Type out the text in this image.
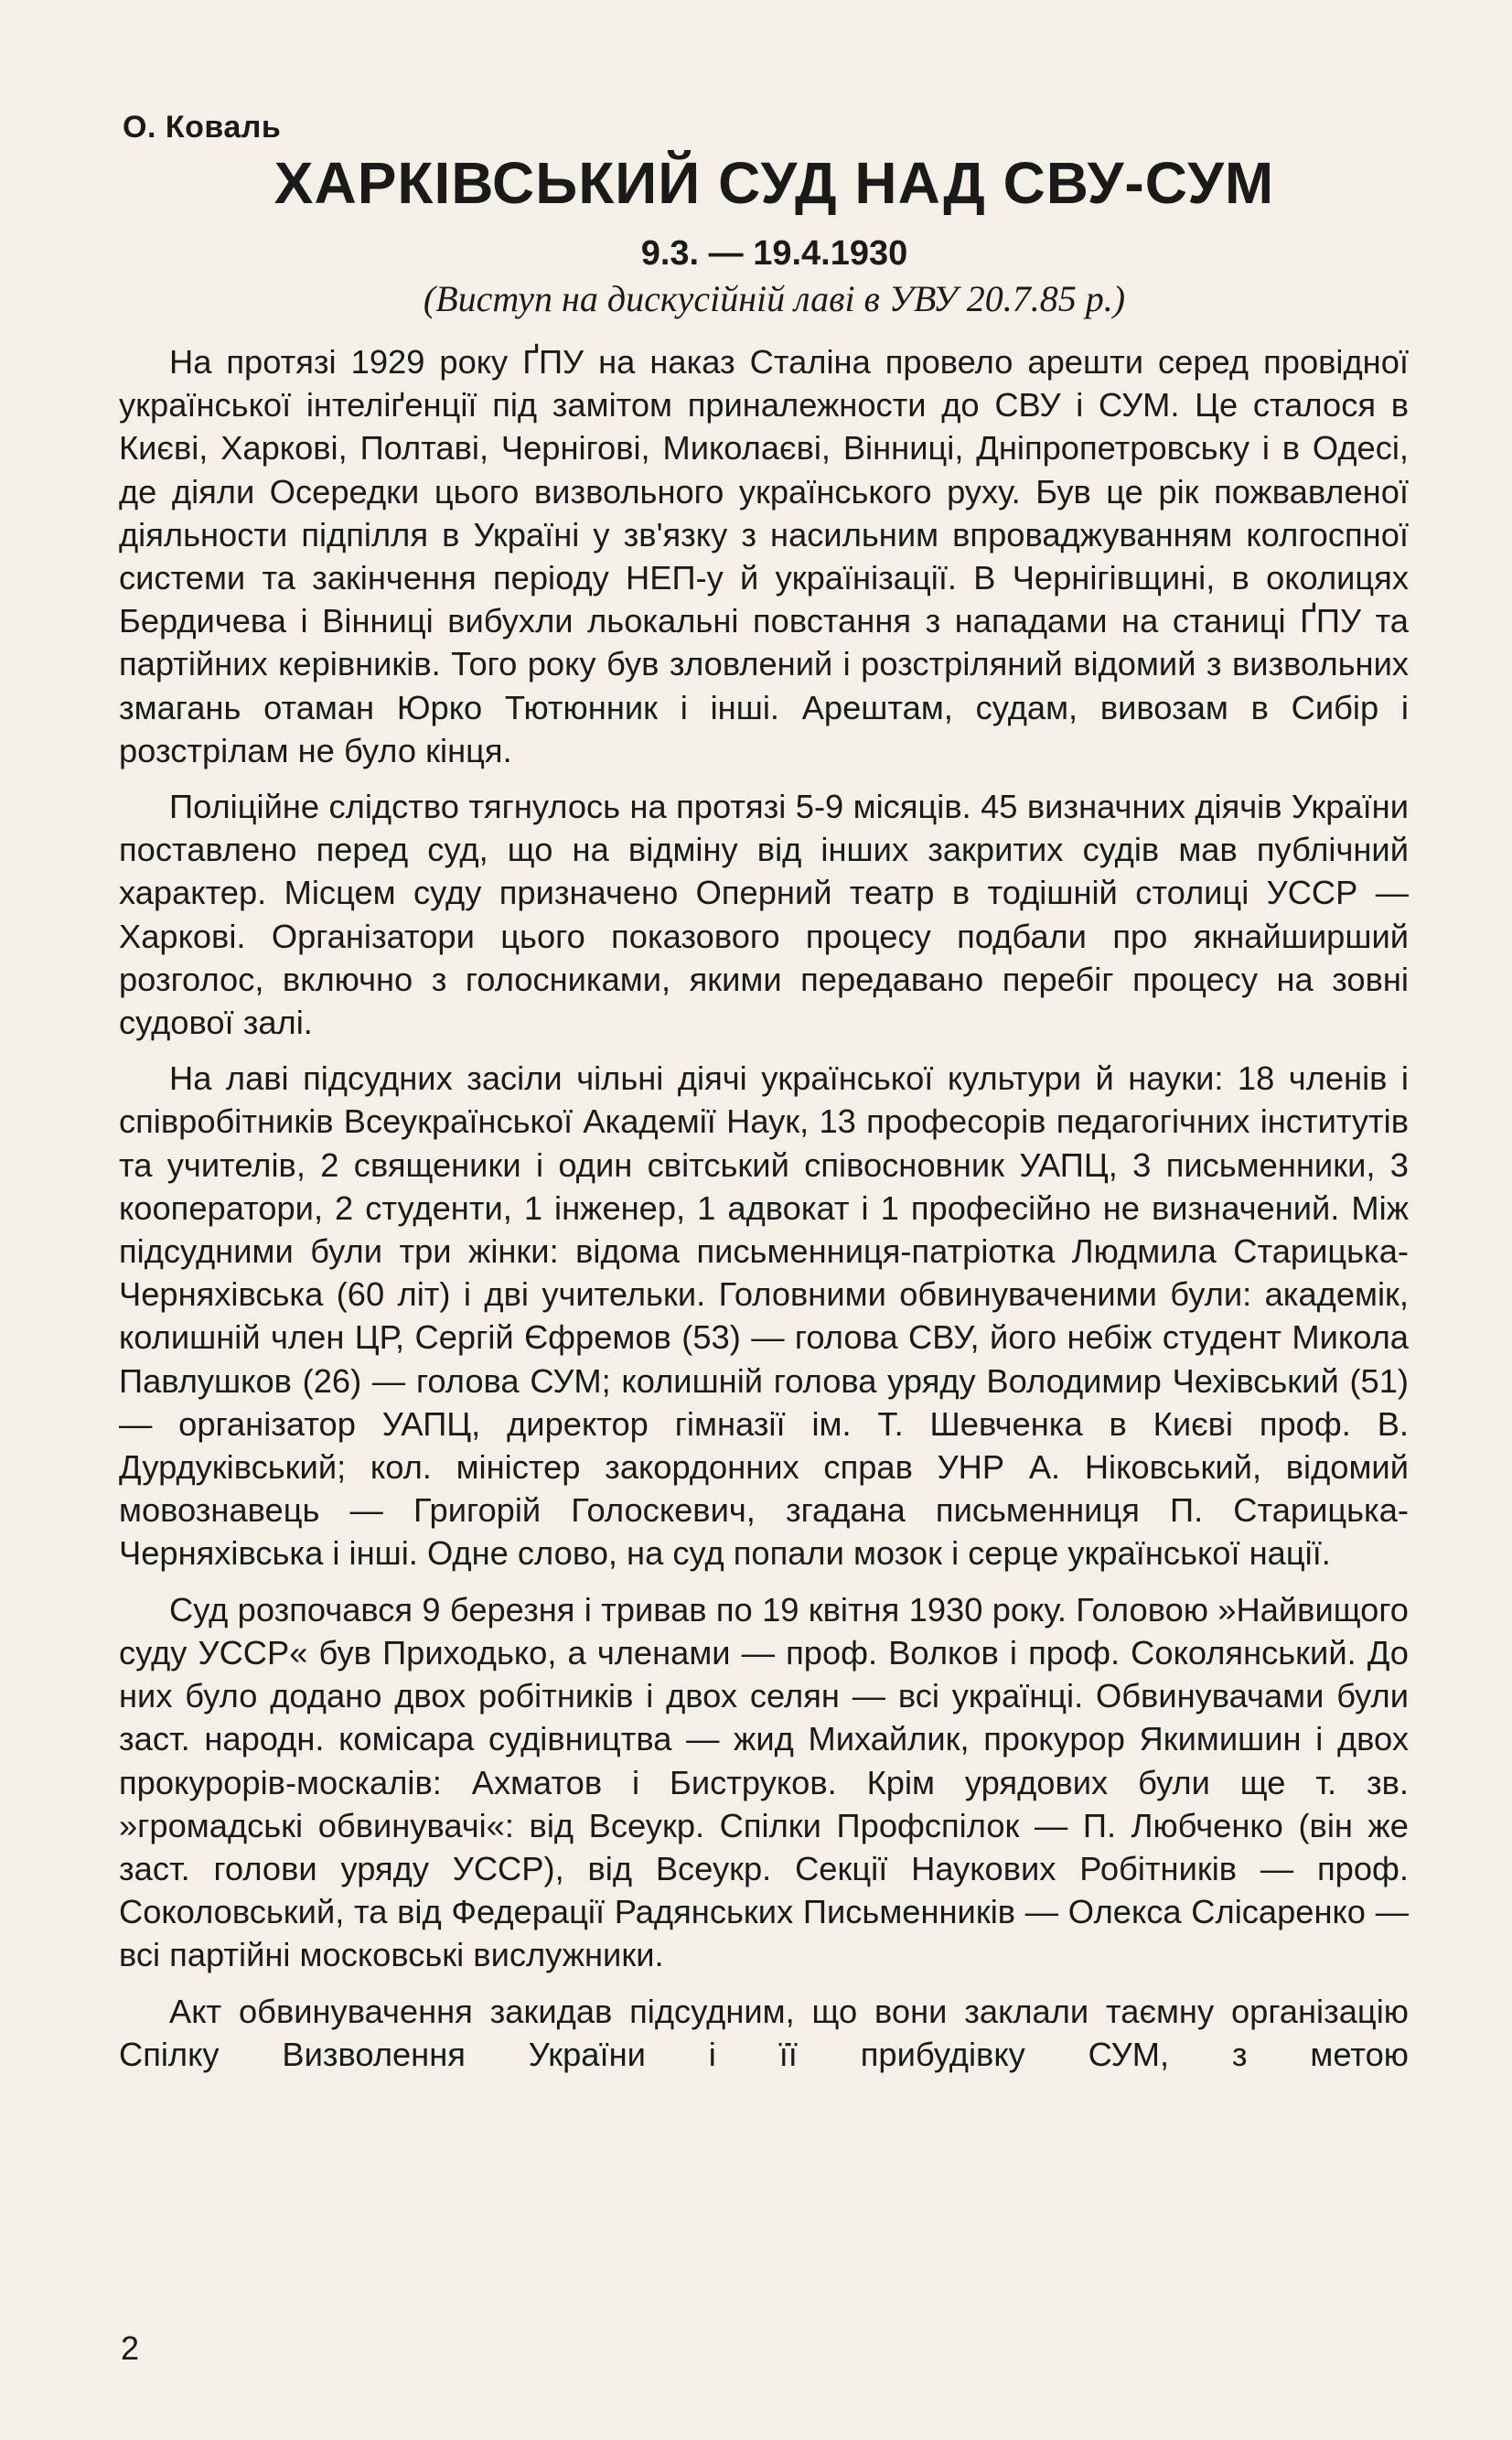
О. Коваль
ХАРКІВСЬКИЙ СУД НАД СВУ-СУМ
9.3. — 19.4.1930
(Виступ на дискусійній лаві в УВУ 20.7.85 р.)

На протязі 1929 року ҐПУ на наказ Сталіна провело арешти серед провідної української інтеліґенції під замітом приналежности до СВУ і СУМ. Це сталося в Києві, Харкові, Полтаві, Чернігові, Миколаєві, Вінниці, Дніпропетровську і в Одесі, де діяли Осередки цього визвольного українського руху. Був це рік пожвавленої діяльности підпілля в Україні у зв'язку з насильним впроваджуванням колгоспної системи та закінчення періоду НЕП-у й українізації. В Чернігівщині, в околицях Бердичева і Вінниці вибухли льокальні повстання з нападами на станиці ҐПУ та партійних керівників. Того року був зловлений і розстріляний відомий з визвольних змагань отаман Юрко Тютюнник і інші. Арештам, судам, вивозам в Сибір і розстрілам не було кінця.

Поліційне слідство тягнулось на протязі 5-9 місяців. 45 визначних діячів України поставлено перед суд, що на відміну від інших закритих судів мав публічний характер. Місцем суду призначено Оперний театр в тодішній столиці УССР — Харкові. Організатори цього показового процесу подбали про якнайширший розголос, включно з голосниками, якими передавано перебіг процесу на зовні судової залі.

На лаві підсудних засіли чільні діячі української культури й науки: 18 членів і співробітників Всеукраїнської Академії Наук, 13 професорів педагогічних інститутів та учителів, 2 священики і один світський співосновник УАПЦ, 3 письменники, 3 кооператори, 2 студенти, 1 інженер, 1 адвокат і 1 професійно не визначений. Між підсудними були три жінки: відома письменниця-патріотка Людмила Старицька-Черняхівська (60 літ) і дві учительки. Головними обвинуваченими були: академік, колишній член ЦР, Сергій Єфремов (53) — голова СВУ, його небіж студент Микола Павлушков (26) — голова СУМ; колишній голова уряду Володимир Чехівський (51) — організатор УАПЦ, директор гімназії ім. Т. Шевченка в Києві проф. В. Дурдуківський; кол. міністер закордонних справ УНР А. Ніковський, відомий мовознавець — Григорій Голоскевич, згадана письменниця П. Старицька-Черняхівська і інші. Одне слово, на суд попали мозок і серце української нації.

Суд розпочався 9 березня і тривав по 19 квітня 1930 року. Головою »Найвищого суду УССР« був Приходько, а членами — проф. Волков і проф. Соколянський. До них було додано двох робітників і двох селян — всі українці. Обвинувачами були заст. народн. комісара судівництва — жид Михайлик, прокурор Якимишин і двох прокурорів-москалів: Ахматов і Биструков. Крім урядових були ще т. зв. »громадські обвинувачі«: від Всеукр. Спілки Профспілок — П. Любченко (він же заст. голови уряду УССР), від Всеукр. Секції Наукових Робітників — проф. Соколовський, та від Федерації Радянських Письменників — Олекса Слісаренко — всі партійні московські вислужники.

Акт обвинувачення закидав підсудним, що вони заклали таємну організацію Спілку Визволення України і її прибудівку СУМ, з метою

2
